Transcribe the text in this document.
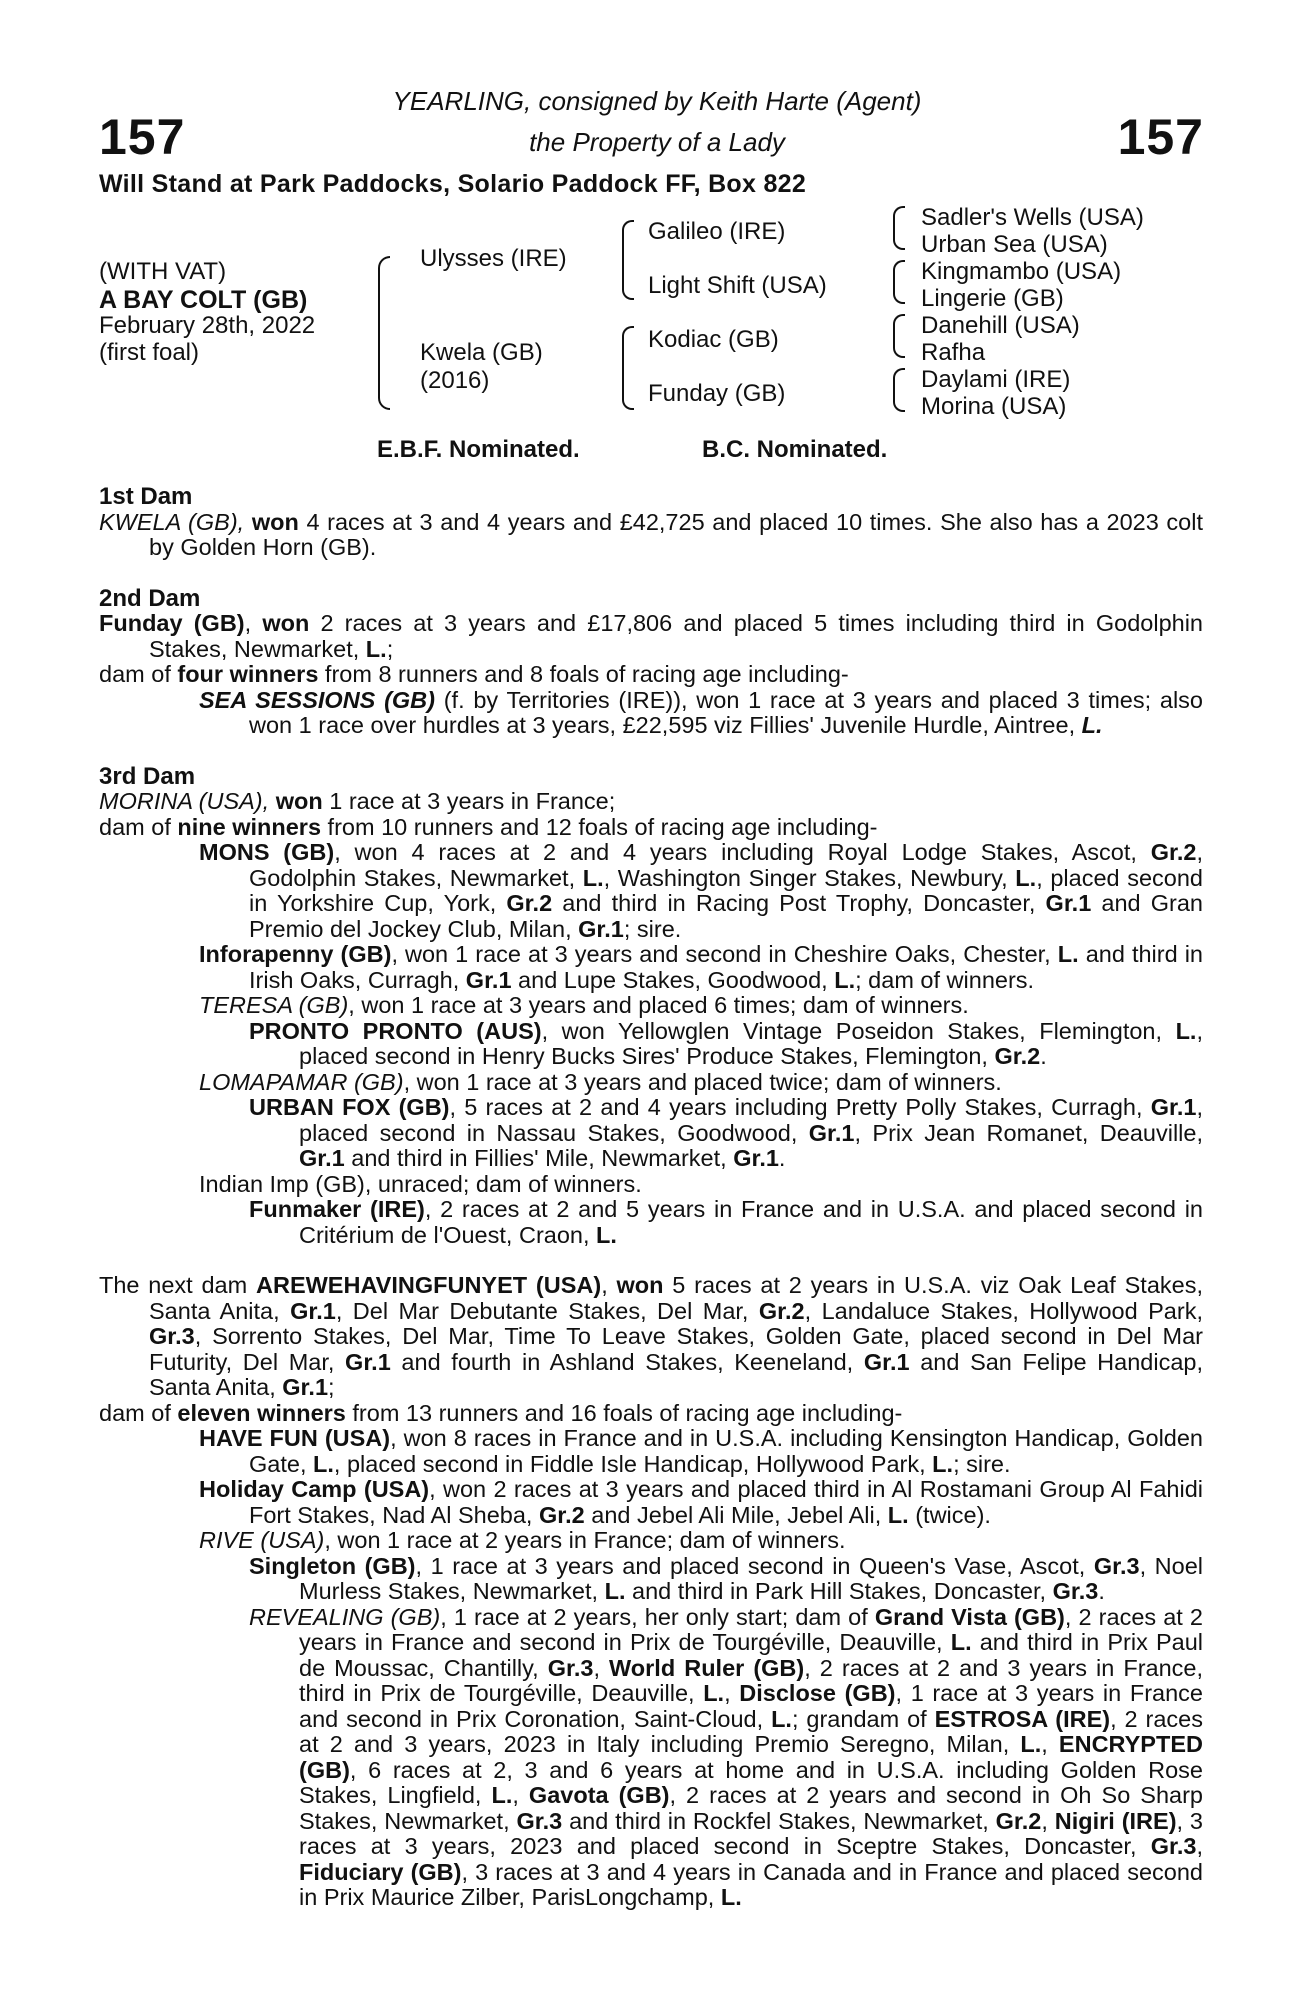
157	157
YEARLING, consigned by Keith Harte (Agent)
the Property of a Lady
Will Stand at Park Paddocks, Solario Paddock FF, Box 822
(WITH VAT)
A BAY COLT (GB)
February 28th, 2022
(first foal)
Ulysses (IRE)
Kwela (GB)
(2016)
Galileo (IRE)
Light Shift (USA)
Kodiac (GB)
Funday (GB)
Sadler's Wells (USA)
Urban Sea (USA)
Kingmambo (USA)
Lingerie (GB)
Danehill (USA)
Rafha
Daylami (IRE)
Morina (USA)
E.B.F. Nominated.	B.C. Nominated.
1st Dam

KWELA (GB), won 4 races at 3 and 4 years and £42,725 and placed 10 times. She also has a 2023 colt by Golden Horn (GB).

2nd Dam

Funday (GB), won 2 races at 3 years and £17,806 and placed 5 times including third in Godolphin Stakes, Newmarket, L.;

dam of four winners from 8 runners and 8 foals of racing age including-

SEA SESSIONS (GB) (f. by Territories (IRE)), won 1 race at 3 years and placed 3 times; also won 1 race over hurdles at 3 years, £22,595 viz Fillies' Juvenile Hurdle, Aintree, L.

3rd Dam

MORINA (USA), won 1 race at 3 years in France;

dam of nine winners from 10 runners and 12 foals of racing age including-

MONS (GB), won 4 races at 2 and 4 years including Royal Lodge Stakes, Ascot, Gr.2, Godolphin Stakes, Newmarket, L., Washington Singer Stakes, Newbury, L., placed second in Yorkshire Cup, York, Gr.2 and third in Racing Post Trophy, Doncaster, Gr.1 and Gran Premio del Jockey Club, Milan, Gr.1; sire.

Inforapenny (GB), won 1 race at 3 years and second in Cheshire Oaks, Chester, L. and third in Irish Oaks, Curragh, Gr.1 and Lupe Stakes, Goodwood, L.; dam of winners.

TERESA (GB), won 1 race at 3 years and placed 6 times; dam of winners.

PRONTO PRONTO (AUS), won Yellowglen Vintage Poseidon Stakes, Flemington, L., placed second in Henry Bucks Sires' Produce Stakes, Flemington, Gr.2.

LOMAPAMAR (GB), won 1 race at 3 years and placed twice; dam of winners.

URBAN FOX (GB), 5 races at 2 and 4 years including Pretty Polly Stakes, Curragh, Gr.1, placed second in Nassau Stakes, Goodwood, Gr.1, Prix Jean Romanet, Deauville, Gr.1 and third in Fillies' Mile, Newmarket, Gr.1.

Indian Imp (GB), unraced; dam of winners.

Funmaker (IRE), 2 races at 2 and 5 years in France and in U.S.A. and placed second in Critérium de l'Ouest, Craon, L.

The next dam AREWEHAVINGFUNYET (USA), won 5 races at 2 years in U.S.A. viz Oak Leaf Stakes, Santa Anita, Gr.1, Del Mar Debutante Stakes, Del Mar, Gr.2, Landaluce Stakes, Hollywood Park, Gr.3, Sorrento Stakes, Del Mar, Time To Leave Stakes, Golden Gate, placed second in Del Mar Futurity, Del Mar, Gr.1 and fourth in Ashland Stakes, Keeneland, Gr.1 and San Felipe Handicap, Santa Anita, Gr.1;

dam of eleven winners from 13 runners and 16 foals of racing age including-

HAVE FUN (USA), won 8 races in France and in U.S.A. including Kensington Handicap, Golden Gate, L., placed second in Fiddle Isle Handicap, Hollywood Park, L.; sire.

Holiday Camp (USA), won 2 races at 3 years and placed third in Al Rostamani Group Al Fahidi Fort Stakes, Nad Al Sheba, Gr.2 and Jebel Ali Mile, Jebel Ali, L. (twice).

RIVE (USA), won 1 race at 2 years in France; dam of winners.

Singleton (GB), 1 race at 3 years and placed second in Queen's Vase, Ascot, Gr.3, Noel Murless Stakes, Newmarket, L. and third in Park Hill Stakes, Doncaster, Gr.3.

REVEALING (GB), 1 race at 2 years, her only start; dam of Grand Vista (GB), 2 races at 2 years in France and second in Prix de Tourgéville, Deauville, L. and third in Prix Paul de Moussac, Chantilly, Gr.3, World Ruler (GB), 2 races at 2 and 3 years in France, third in Prix de Tourgéville, Deauville, L., Disclose (GB), 1 race at 3 years in France and second in Prix Coronation, Saint-Cloud, L.; grandam of ESTROSA (IRE), 2 races at 2 and 3 years, 2023 in Italy including Premio Seregno, Milan, L., ENCRYPTED (GB), 6 races at 2, 3 and 6 years at home and in U.S.A. including Golden Rose Stakes, Lingfield, L., Gavota (GB), 2 races at 2 years and second in Oh So Sharp Stakes, Newmarket, Gr.3 and third in Rockfel Stakes, Newmarket, Gr.2, Nigiri (IRE), 3 races at 3 years, 2023 and placed second in Sceptre Stakes, Doncaster, Gr.3, Fiduciary (GB), 3 races at 3 and 4 years in Canada and in France and placed second in Prix Maurice Zilber, ParisLongchamp, L.
